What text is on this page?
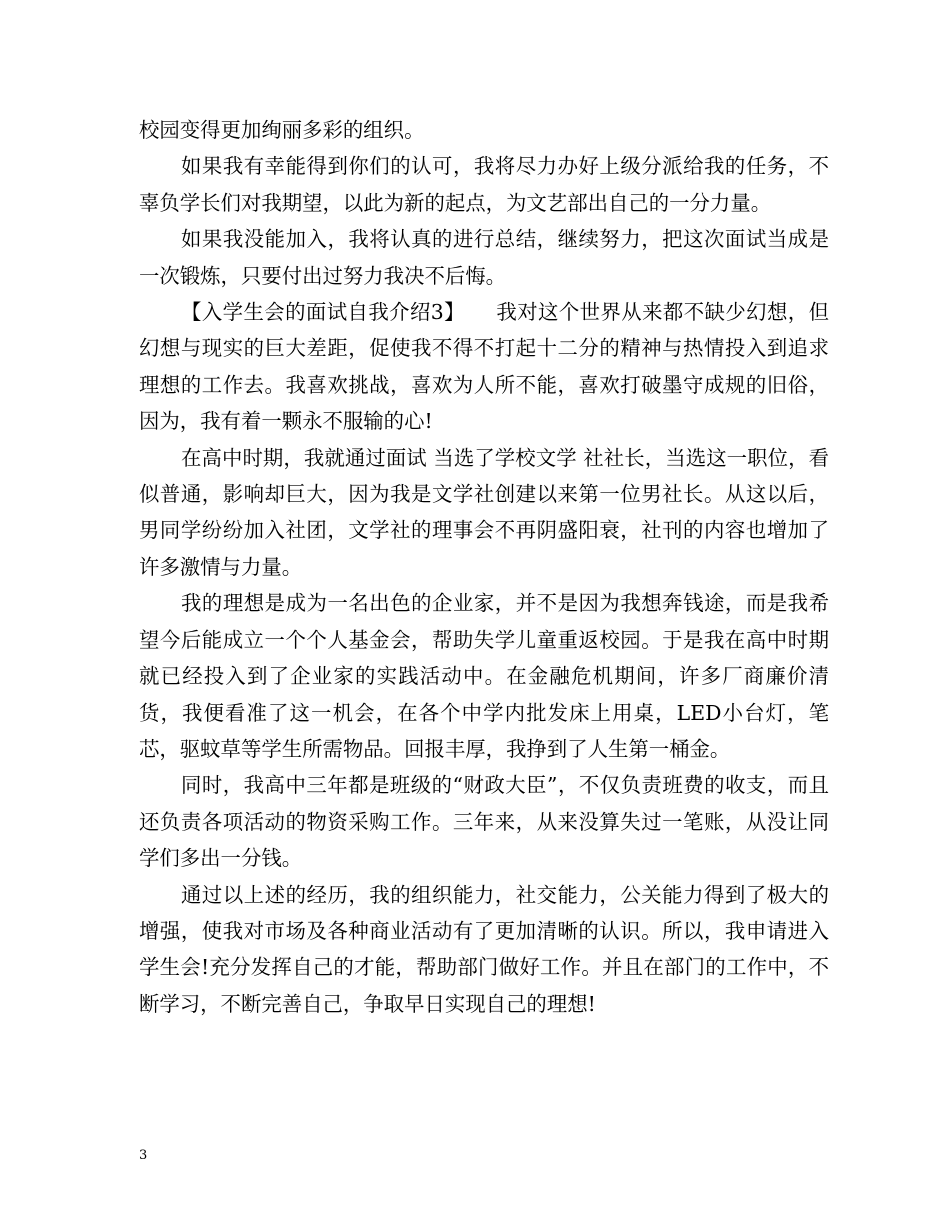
校园变得更加绚丽多彩的组织。

如果我有幸能得到你们的认可，我将尽力办好上级分派给我的任务，不辜负学长们对我期望，以此为新的起点，为文艺部出自己的一分力量。

如果我没能加入，我将认真的进行总结，继续努力，把这次面试当成是一次锻炼，只要付出过努力我决不后悔。

【入学生会的面试自我介绍3】　　我对这个世界从来都不缺少幻想，但幻想与现实的巨大差距，促使我不得不打起十二分的精神与热情投入到追求理想的工作去。我喜欢挑战，喜欢为人所不能，喜欢打破墨守成规的旧俗，因为，我有着一颗永不服输的心!

在高中时期，我就通过面试 当选了学校文学 社社长，当选这一职位，看似普通，影响却巨大，因为我是文学社创建以来第一位男社长。从这以后，男同学纷纷加入社团，文学社的理事会不再阴盛阳衰，社刊的内容也增加了许多激情与力量。

我的理想是成为一名出色的企业家，并不是因为我想奔钱途，而是我希望今后能成立一个个人基金会，帮助失学儿童重返校园。于是我在高中时期就已经投入到了企业家的实践活动中。在金融危机期间，许多厂商廉价清货，我便看准了这一机会，在各个中学内批发床上用桌，LED小台灯，笔芯，驱蚊草等学生所需物品。回报丰厚，我挣到了人生第一桶金。

同时，我高中三年都是班级的“财政大臣”，不仅负责班费的收支，而且还负责各项活动的物资采购工作。三年来，从来没算失过一笔账，从没让同学们多出一分钱。

通过以上述的经历，我的组织能力，社交能力，公关能力得到了极大的增强，使我对市场及各种商业活动有了更加清晰的认识。所以，我申请进入学生会!充分发挥自己的才能，帮助部门做好工作。并且在部门的工作中，不断学习，不断完善自己，争取早日实现自己的理想!

3
